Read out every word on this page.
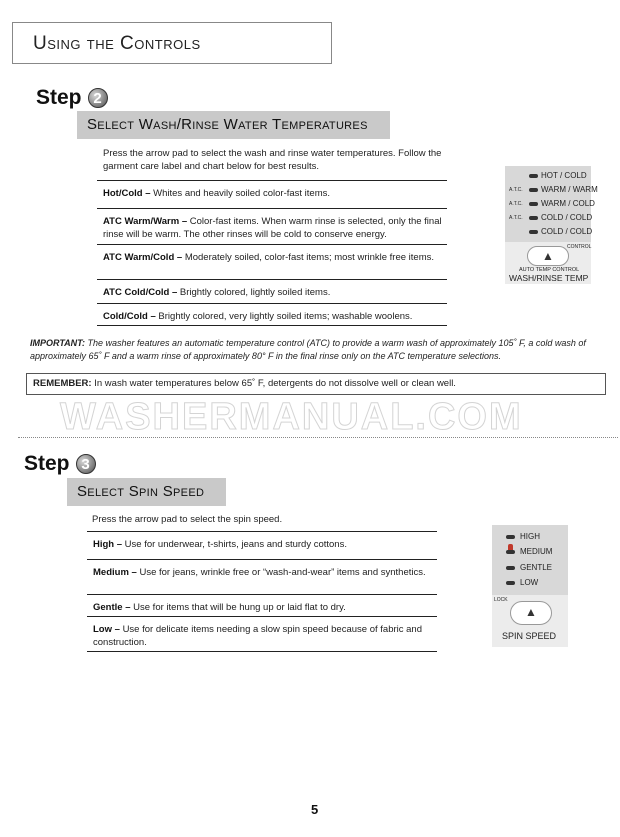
Using the Controls
Step 2
Select Wash/Rinse Water Temperatures
Press the arrow pad to select the wash and rinse water temperatures. Follow the garment care label and chart below for best results.
Hot/Cold – Whites and heavily soiled color-fast items.
ATC Warm/Warm – Color-fast items. When warm rinse is selected, only the final rinse will be warm. The other rinses will be cold to conserve energy.
ATC Warm/Cold – Moderately soiled, color-fast items; most wrinkle free items.
ATC Cold/Cold – Brightly colored, lightly soiled items.
Cold/Cold – Brightly colored, very lightly soiled items; washable woolens.
HOT / COLD
A.T.C. WARM / WARM
A.T.C. WARM / COLD
A.T.C. COLD / COLD
COLD / COLD
CONTROL
▲
AUTO TEMP CONTROL
WASH/RINSE TEMP
IMPORTANT: The washer features an automatic temperature control (ATC) to provide a warm wash of approximately 105˚ F, a cold wash of approximately 65˚ F and a warm rinse of approximately 80° F in the final rinse only on the ATC temperature selections.
REMEMBER: In wash water temperatures below 65˚ F, detergents do not dissolve well or clean well.
WASHERMANUAL.COM
Step 3
Select Spin Speed
Press the arrow pad to select the spin speed.
High – Use for underwear, t-shirts, jeans and sturdy cottons.
Medium – Use for jeans, wrinkle free or “wash-and-wear” items and synthetics.
Gentle – Use for items that will be hung up or laid flat to dry.
Low – Use for delicate items needing a slow spin speed because of fabric and construction.
HIGH
MEDIUM
GENTLE
LOW
LOCK
▲
SPIN SPEED
5
